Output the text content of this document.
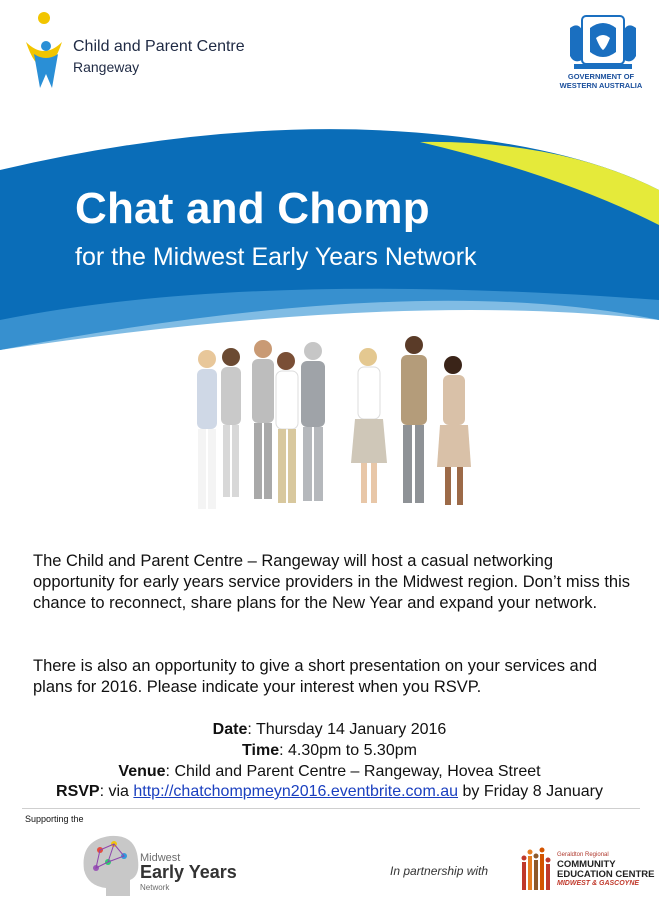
Child and Parent Centre
Rangeway
GOVERNMENT OF
WESTERN AUSTRALIA
Chat and Chomp
for the Midwest Early Years Network
The Child and Parent Centre – Rangeway will host a casual networking opportunity for early years service providers in the Midwest region. Don’t miss this chance to reconnect, share plans for the New Year and expand your network.
There is also an opportunity to give a short presentation on your services and plans for 2016. Please indicate your interest when you RSVP.
Date: Thursday 14 January 2016
Time: 4.30pm to 5.30pm
Venue: Child and Parent Centre – Rangeway, Hovea Street
RSVP: via http://chatchompmeyn2016.eventbrite.com.au by Friday 8 January
Supporting the
Midwest
Early Years
Network
In partnership with
Geraldton Regional
COMMUNITY
EDUCATION CENTRE
MIDWEST & GASCOYNE
